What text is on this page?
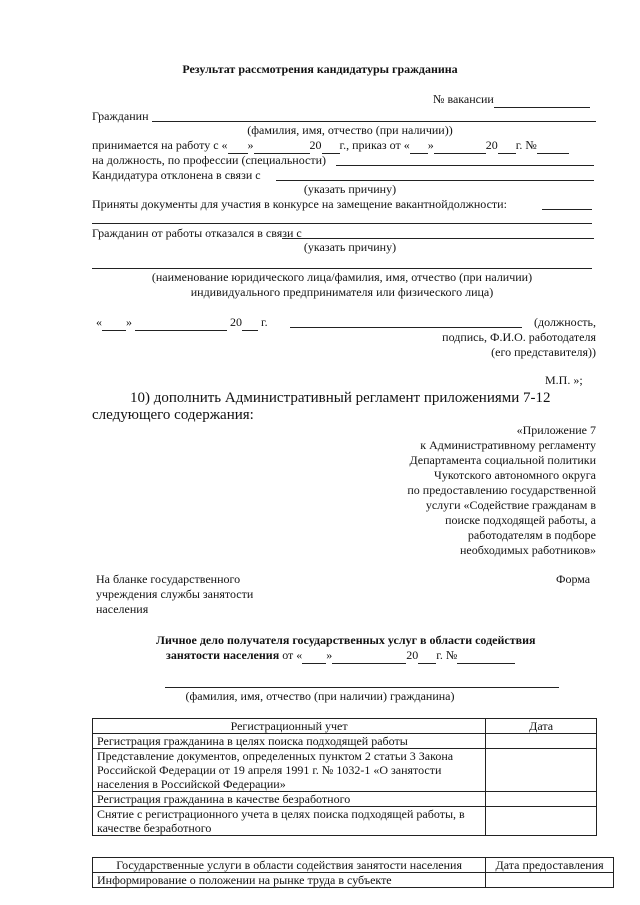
Результат рассмотрения кандидатуры гражданина
№ вакансии
Гражданин
(фамилия, имя, отчество (при наличии))
принимается на работу с « »	20 г., приказ от « »	20 г. №
на должность, по профессии (специальности)
Кандидатура отклонена в связи с
(указать причину)
Приняты документы для участия в конкурсе на замещение вакантнойдолжности:
Гражданин от работы отказался в связи с
(указать причину)
(наименование юридического лица/фамилия, имя, отчество (при наличии)
индивидуального предпринимателя или физического лица)
« »	20 г.	(должность,
подпись, Ф.И.О. работодателя
(его представителя))
М.П. »;
10) дополнить Административный регламент приложениями 7-12
следующего содержания:
«Приложение 7
к Административному регламенту
Департамента социальной политики
Чукотского автономного округа
по предоставлению государственной
услуги «Содействие гражданам в
поиске подходящей работы, а
работодателям в подборе
необходимых работников»
На бланке государственного
учреждения службы занятости
населения
Форма
Личное дело получателя государственных услуг в области содействия
занятости населения от « »	20 г. №
(фамилия, имя, отчество (при наличии) гражданина)
Регистрационный учет	Дата
Регистрация гражданина в целях поиска подходящей работы	
Представление документов, определенных пунктом 2 статьи 3 Закона Российской Федерации от 19 апреля 1991 г. № 1032-1 «О занятости населения в Российской Федерации»	
Регистрация гражданина в качестве безработного	
Снятие с регистрационного учета в целях поиска подходящей работы, в качестве безработного	
Государственные услуги в области содействия занятости населения	Дата предоставления
Информирование о положении на рынке труда в субъекте	
